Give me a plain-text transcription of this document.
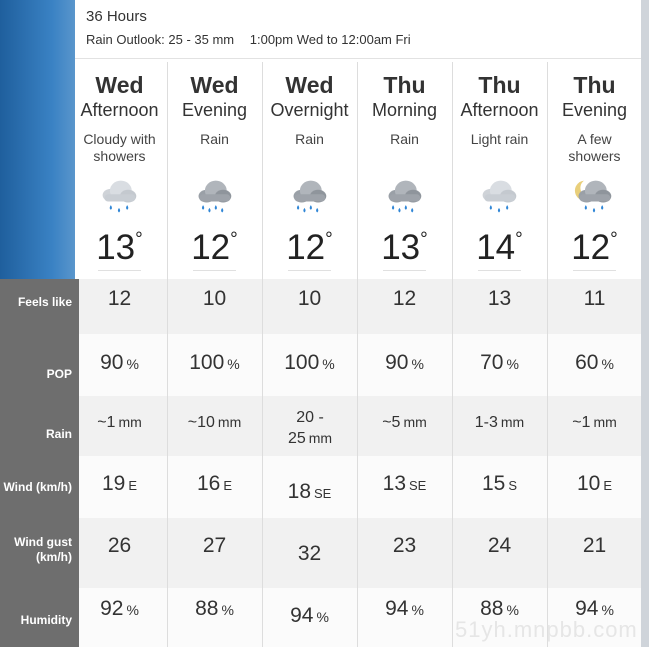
36 Hours
Rain Outlook: 25 - 35 mm 1:00pm Wed to 12:00am Fri
Feels like
POP
Rain
Wind (km/h)
Wind gust (km/h)
Humidity
Wed
Afternoon
Cloudy with showers
13°
12
90 %
~1 mm
19 E
26
92 %
Wed
Evening
Rain
12°
10
100 %
~10 mm
16 E
27
88 %
Wed
Overnight
Rain
12°
10
100 %
20 - 25 mm
18 SE
32
94 %
Thu
Morning
Rain
13°
12
90 %
~5 mm
13 SE
23
94 %
Thu
Afternoon
Light rain
14°
13
70 %
1-3 mm
15 S
24
88 %
Thu
Evening
A few showers
12°
11
60 %
~1 mm
10 E
21
94 %
51yh.mnpbb.com
